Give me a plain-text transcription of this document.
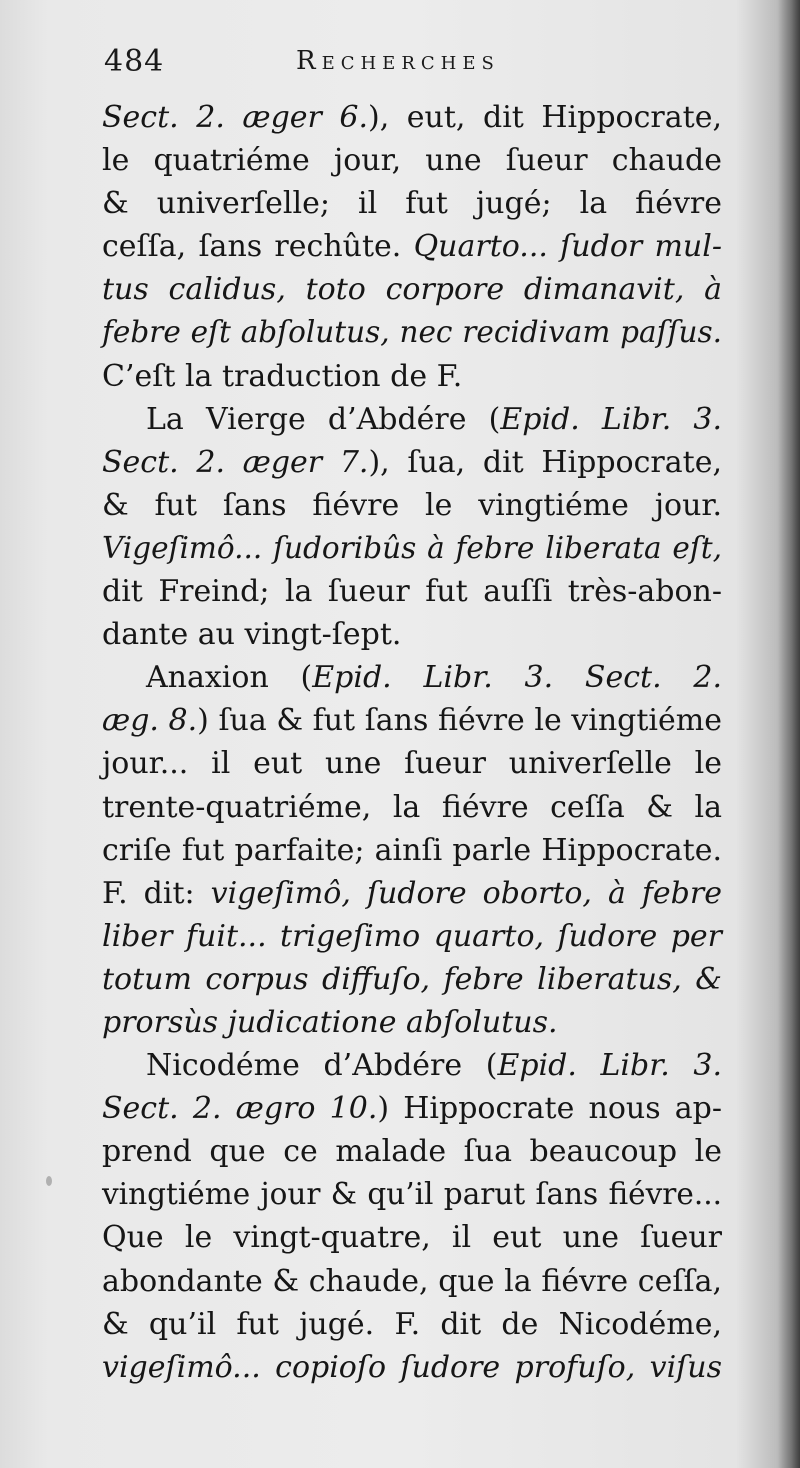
484	Recherches
Sect. 2. æger 6.), eut, dit Hippocrate,
le quatriéme jour, une ſueur chaude
& univerſelle; il fut jugé; la fiévre
ceſſa, ſans rechûte. Quarto... ſudor mul-
tus calidus, toto corpore dimanavit, à
febre eſt abſolutus, nec recidivam paſſus.
C’eſt la traduction de F.
La Vierge d’Abdére (Epid. Libr. 3.
Sect. 2. æger 7.), ſua, dit Hippocrate,
& fut ſans fiévre le vingtiéme jour.
Vigeſimô... ſudoribûs à febre liberata eſt,
dit Freind; la ſueur fut auſſi très-abon-
dante au vingt-ſept.
Anaxion (Epid. Libr. 3. Sect. 2.
æg. 8.) ſua & fut ſans fiévre le vingtiéme
jour... il eut une ſueur univerſelle le
trente-quatriéme, la fiévre ceſſa & la
criſe fut parfaite; ainſi parle Hippocrate.
F. dit: vigeſimô, ſudore oborto, à febre
liber fuit... trigeſimo quarto, ſudore per
totum corpus diffuſo, febre liberatus, &
prorsùs judicatione abſolutus.
Nicodéme d’Abdére (Epid. Libr. 3.
Sect. 2. ægro 10.) Hippocrate nous ap-
prend que ce malade ſua beaucoup le
vingtiéme jour & qu’il parut ſans fiévre...
Que le vingt-quatre, il eut une ſueur
abondante & chaude, que la fiévre ceſſa,
& qu’il fut jugé. F. dit de Nicodéme,
vigeſimô... copioſo ſudore profuſo, viſus
